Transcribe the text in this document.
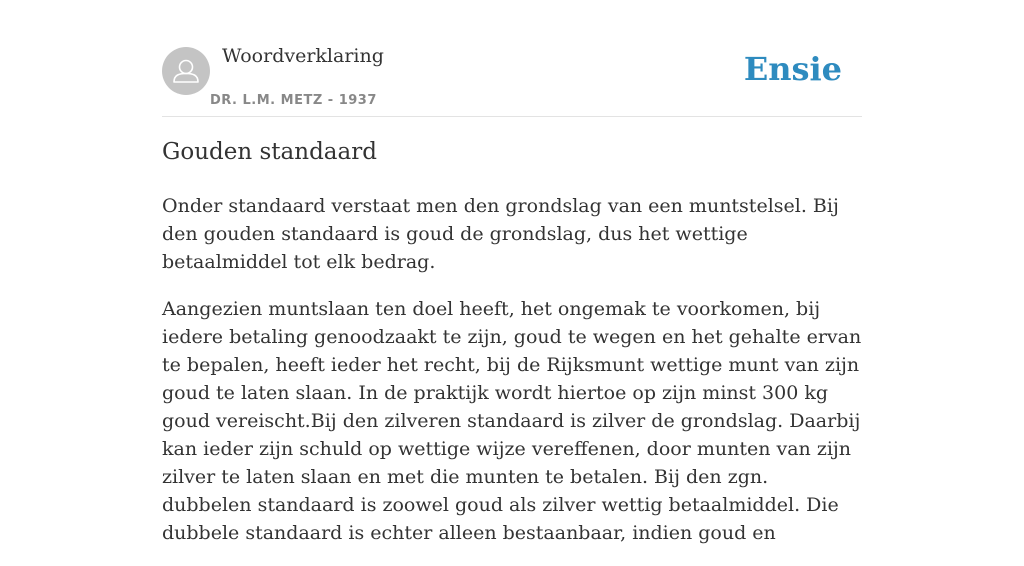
Woordverklaring
DR. L.M. METZ - 1937
Ensie
Gouden standaard

Onder standaard verstaat men den grondslag van een muntstelsel. Bij den gouden standaard is goud de grondslag, dus het wettige betaalmiddel tot elk bedrag.

Aangezien muntslaan ten doel heeft, het ongemak te voorkomen, bij iedere betaling genoodzaakt te zijn, goud te wegen en het gehalte ervan te bepalen, heeft ieder het recht, bij de Rijksmunt wettige munt van zijn goud te laten slaan. In de praktijk wordt hiertoe op zijn minst 300 kg goud vereischt.Bij den zilveren standaard is zilver de grondslag. Daarbij kan ieder zijn schuld op wettige wijze vereffenen, door munten van zijn zilver te laten slaan en met die munten te betalen. Bij den zgn. dubbelen standaard is zoowel goud als zilver wettig betaalmiddel. Die dubbele standaard is echter alleen bestaanbaar, indien goud en
